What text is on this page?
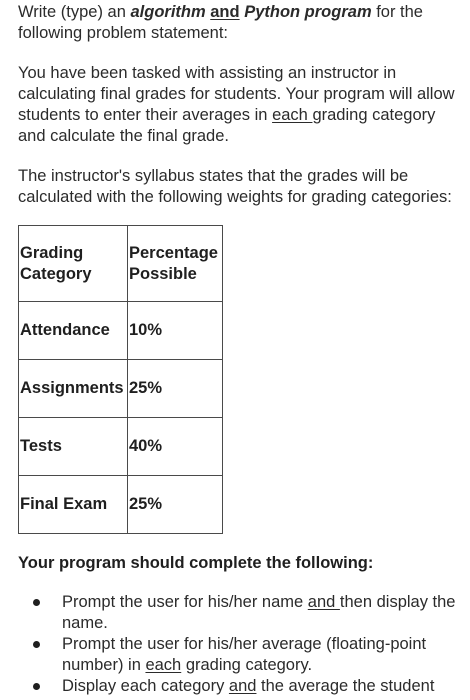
Write (type) an algorithm and Python program for the following problem statement:

You have been tasked with assisting an instructor in calculating final grades for students. Your program will allow students to enter their averages in each grading category and calculate the final grade.

The instructor's syllabus states that the grades will be calculated with the following weights for grading categories:

Grading Category	Percentage Possible
Attendance	10%
Assignments	25%
Tests	40%
Final Exam	25%

Your program should complete the following:

Prompt the user for his/her name and then display the name.
Prompt the user for his/her average (floating-point number) in each grading category.
Display each category and the average the student
